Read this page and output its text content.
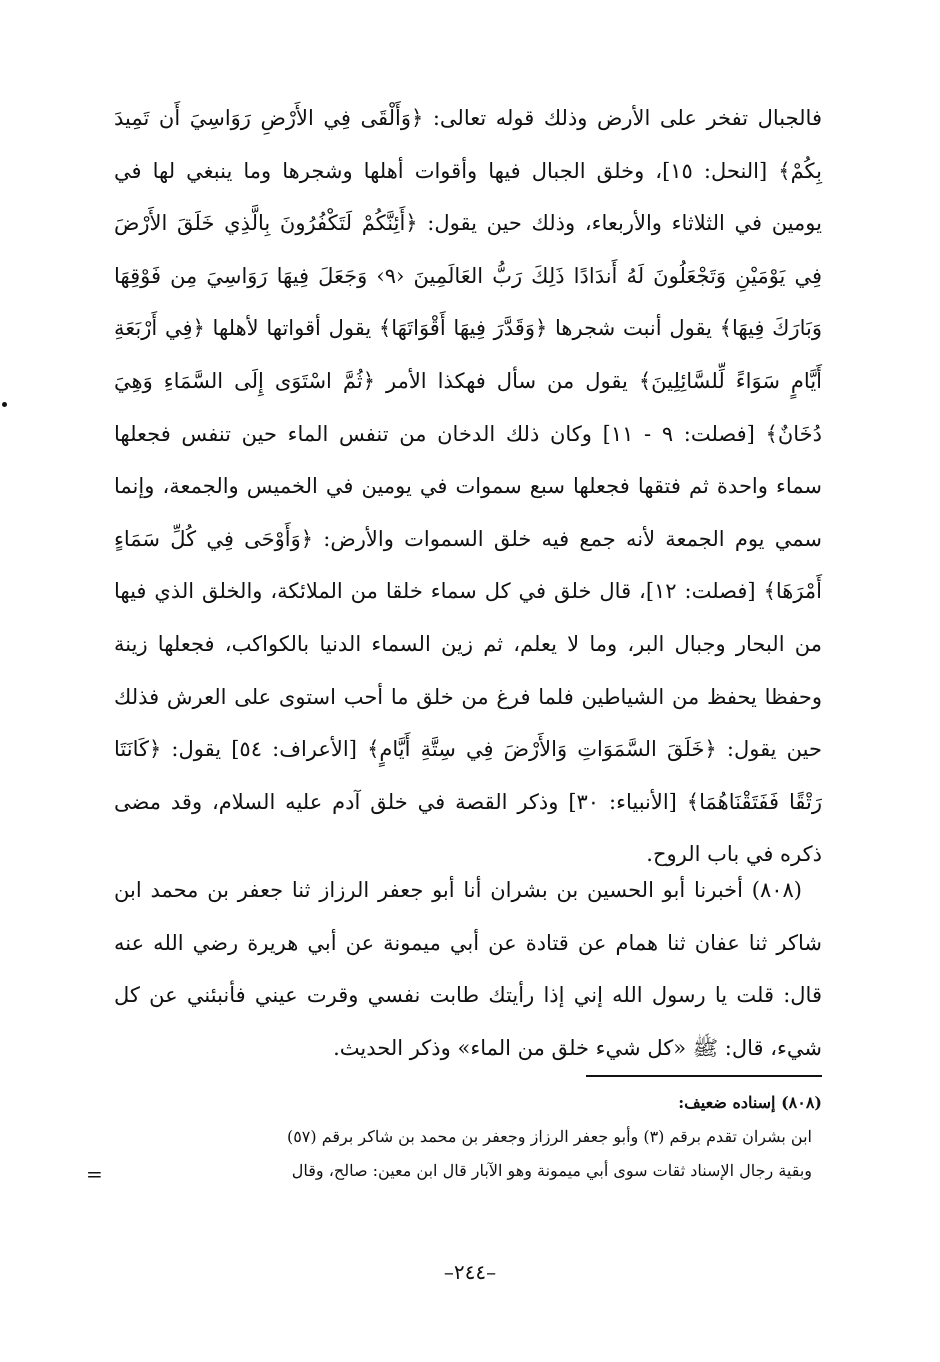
فالجبال تفخر على الأرض وذلك قوله تعالى: ﴿وَأَلْقَى فِي الأَرْضِ رَوَاسِيَ أَن تَمِيدَ بِكُمْ﴾ [النحل: ١٥]، وخلق الجبال فيها وأقوات أهلها وشجرها وما ينبغي لها في يومين في الثلاثاء والأربعاء، وذلك حين يقول: ﴿أَئِنَّكُمْ لَتَكْفُرُونَ بِالَّذِي خَلَقَ الأَرْضَ فِي يَوْمَيْنِ وَتَجْعَلُونَ لَهُ أَندَادًا ذَلِكَ رَبُّ العَالَمِينَ ‹٩› وَجَعَلَ فِيهَا رَوَاسِيَ مِن فَوْقِهَا وَبَارَكَ فِيهَا﴾ يقول أنبت شجرها ﴿وَقَدَّرَ فِيهَا أَقْوَاتَهَا﴾ يقول أقواتها لأهلها ﴿فِي أَرْبَعَةِ أَيَّامٍ سَوَاءً لِّلسَّائِلِينَ﴾ يقول من سأل فهكذا الأمر ﴿ثُمَّ اسْتَوَى إِلَى السَّمَاءِ وَهِيَ دُخَانٌ﴾ [فصلت: ٩ - ١١] وكان ذلك الدخان من تنفس الماء حين تنفس فجعلها سماء واحدة ثم فتقها فجعلها سبع سموات في يومين في الخميس والجمعة، وإنما سمي يوم الجمعة لأنه جمع فيه خلق السموات والأرض: ﴿وَأَوْحَى فِي كُلِّ سَمَاءٍ أَمْرَهَا﴾ [فصلت: ١٢]، قال خلق في كل سماء خلقا من الملائكة، والخلق الذي فيها من البحار وجبال البر، وما لا يعلم، ثم زين السماء الدنيا بالكواكب، فجعلها زينة وحفظا يحفظ من الشياطين فلما فرغ من خلق ما أحب استوى على العرش فذلك حين يقول: ﴿خَلَقَ السَّمَوَاتِ وَالأَرْضَ فِي سِتَّةِ أَيَّامٍ﴾ [الأعراف: ٥٤] يقول: ﴿كَانَتَا رَتْقًا فَفَتَقْنَاهُمَا﴾ [الأنبياء: ٣٠] وذكر القصة في خلق آدم عليه السلام، وقد مضى ذكره في باب الروح.

(٨٠٨) أخبرنا أبو الحسين بن بشران أنا أبو جعفر الرزاز ثنا جعفر بن محمد ابن شاكر ثنا عفان ثنا همام عن قتادة عن أبي ميمونة عن أبي هريرة رضي الله عنه قال: قلت يا رسول الله إني إذا رأيتك طابت نفسي وقرت عيني فأنبئني عن كل شيء، قال: ﷺ «كل شيء خلق من الماء» وذكر الحديث.

(٨٠٨) إسناده ضعيف:

ابن بشران تقدم برقم (٣) وأبو جعفر الرزاز وجعفر بن محمد بن شاكر برقم (٥٧)

وبقية رجال الإسناد ثقات سوى أبي ميمونة وهو الآبار قال ابن معين: صالح، وقال

=
–٢٤٤–
